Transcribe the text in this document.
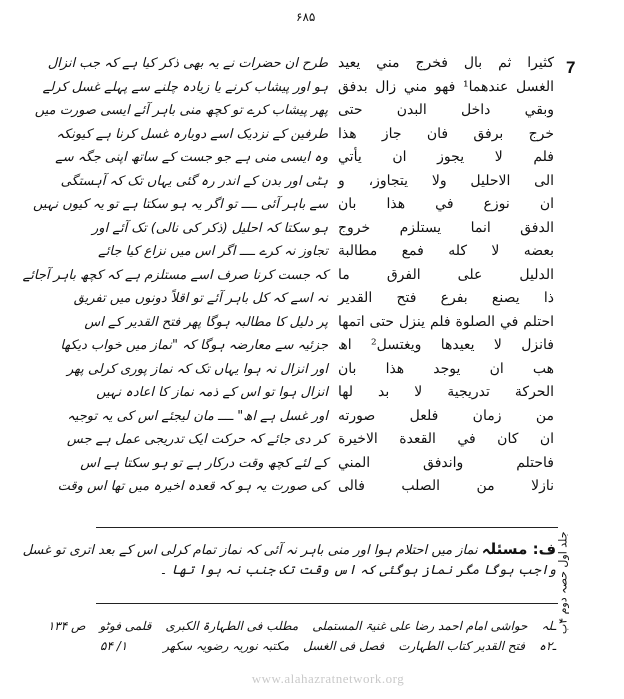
۶۸۵
7
كثيرا ثم بال فخرج مني يعيد
الغسل عندهما¹ فهو مني زال بدفق
وبقي داخل البدن حتى
خرج برفق فان جاز هذا
فلم لا يجوز ان يأتي
الى الاحليل ولا يتجاوز، و
ان نوزع في هذا بان
الدفق انما يستلزم خروج
بعضه لا كله فمع مطالبة
الدليل على الفرق ما
ذا يصنع بفرع فتح القدير
احتلم في الصلوة فلم ينزل حتى اتمها
فانزل لا يعيدها ويغتسل² اھ
هب ان يوجد هذا بان
الحركة تدريجية لا بد لها
من زمان فلعل صورته
ان كان في القعدة الاخيرة
فاحتلم واندفق المني
نازلا من الصلب فالى
طرح ان حضرات نے یہ بھی ذکر کیا ہے کہ جب انزال
ہو اور پیشاب کرنے یا زیادہ چلنے سے پہلے غسل کرلے
پھر پیشاب کرے تو کچھ منی باہر آئے ایسی صورت میں
طرفین کے نزدیک اسے دوبارہ غسل کرنا ہے کیونکہ
وہ ایسی منی ہے جو جست کے ساتھ اپنی جگہ سے
ہٹی اور بدن کے اندر رہ گئی یہاں تک کہ آہستگی
سے باہر آئی ــــ تو اگر یہ ہو سکتا ہے تو یہ کیوں نہیں
ہو سکتا کہ احلیل (ذکر کی نالی) تک آئے اور
تجاوز نہ کرے ــــ اگر اس میں نزاع کیا جائے
کہ جست کرنا صرف اسے مستلزم ہے کہ کچھ باہر آجائے
نہ اسے کہ کل باہر آئے تو اقلاً دونوں میں تفریق
پر دلیل کا مطالبہ ہوگا پھر فتح القدیر کے اس
جزئیہ سے معارضہ ہوگا کہ "نماز میں خواب دیکھا
اور انزال نہ ہوا یہاں تک کہ نماز پوری کرلی پھر
انزال ہوا تو اس کے ذمہ نماز کا اعادہ نہیں
اور غسل ہے اھ" ــــ مان لیجئے اس کی یہ توجیہ
کر دی جائے کہ حرکت ایک تدریجی عمل ہے جس
کے لئے کچھ وقت درکار ہے تو ہو سکتا ہے اس
کی صورت یہ ہو کہ قعدہ اخیرہ میں تھا اس وقت
ف: مسئلہ نماز میں احتلام ہوا اور منی باہر نہ آئی کہ نماز تمام کرلی اس کے بعد اتری تو غسل
واجب ہوگا مگر نماز ہوگئی کہ اس وقت تک جنب نہ ہوا تھا ۔
جلد اول حصہ دوم ۴ب
ـلہ
حواشی امام احمد رضا علی غنیۃ المستملی
مطلب فی الطہارۃ الکبری
قلمی فوٹو
ص ۱۳۴
ـ۲ہ
فتح القدیر کتاب الطہارت
فصل فی الغسل
مکتبہ نوریہ رضویہ سکھر
۱/ ۵۴
www.alahazratnetwork.org
